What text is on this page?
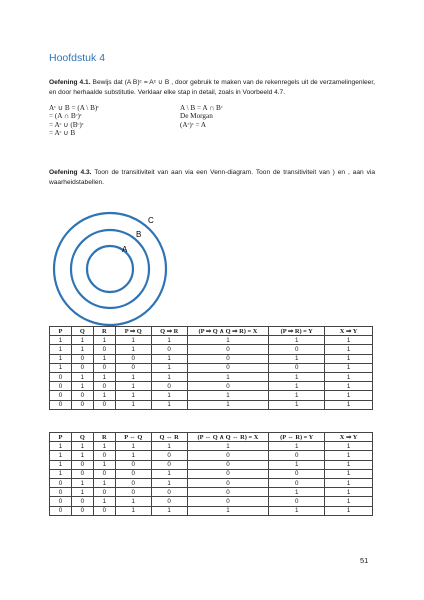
Hoofdstuk 4
Oefening 4.1. Bewijs dat (A B)ᶜ = Aᶜ ∪ B , door gebruik te maken van de rekenregels uit de verzamelingenleer, en door herhaalde substitutie. Verklaar elke stap in detail, zoals in Voorbeeld 4.7.
Aᶜ ∪ B = (A \ B)ᶜ
= (A ∩ Bᶜ)ᶜ
= Aᶜ ∪ (Bᶜ)ᶜ
= Aᶜ ∪ B
A \ B = A ∩ Bᶜ
De Morgan
(Aᶜ)ᶜ = A
Oefening 4.3. Toon de transitiviteit van aan via een Venn-diagram. Toon de transitiviteit van ) en , aan via waarheidstabellen.
C
B
A
P	Q	R	P ⇒ Q	Q ⇒ R	(P ⇒ Q ∧ Q ⇒ R) = X	(P ⇒ R) = Y	X ⇒ Y
1	1	1	1	1	1	1	1
1	1	0	1	0	0	0	1
1	0	1	0	1	0	1	1
1	0	0	0	1	0	0	1
0	1	1	1	1	1	1	1
0	1	0	1	0	0	1	1
0	0	1	1	1	1	1	1
0	0	0	1	1	1	1	1
P	Q	R	P ⇔ Q	Q ⇔ R	(P ⇔ Q ∧ Q ⇔ R) = X	(P ⇔ R) = Y	X ⇒ Y
1	1	1	1	1	1	1	1
1	1	0	1	0	0	0	1
1	0	1	0	0	0	1	1
1	0	0	0	1	0	0	1
0	1	1	0	1	0	0	1
0	1	0	0	0	0	1	1
0	0	1	1	0	0	0	1
0	0	0	1	1	1	1	1
51
